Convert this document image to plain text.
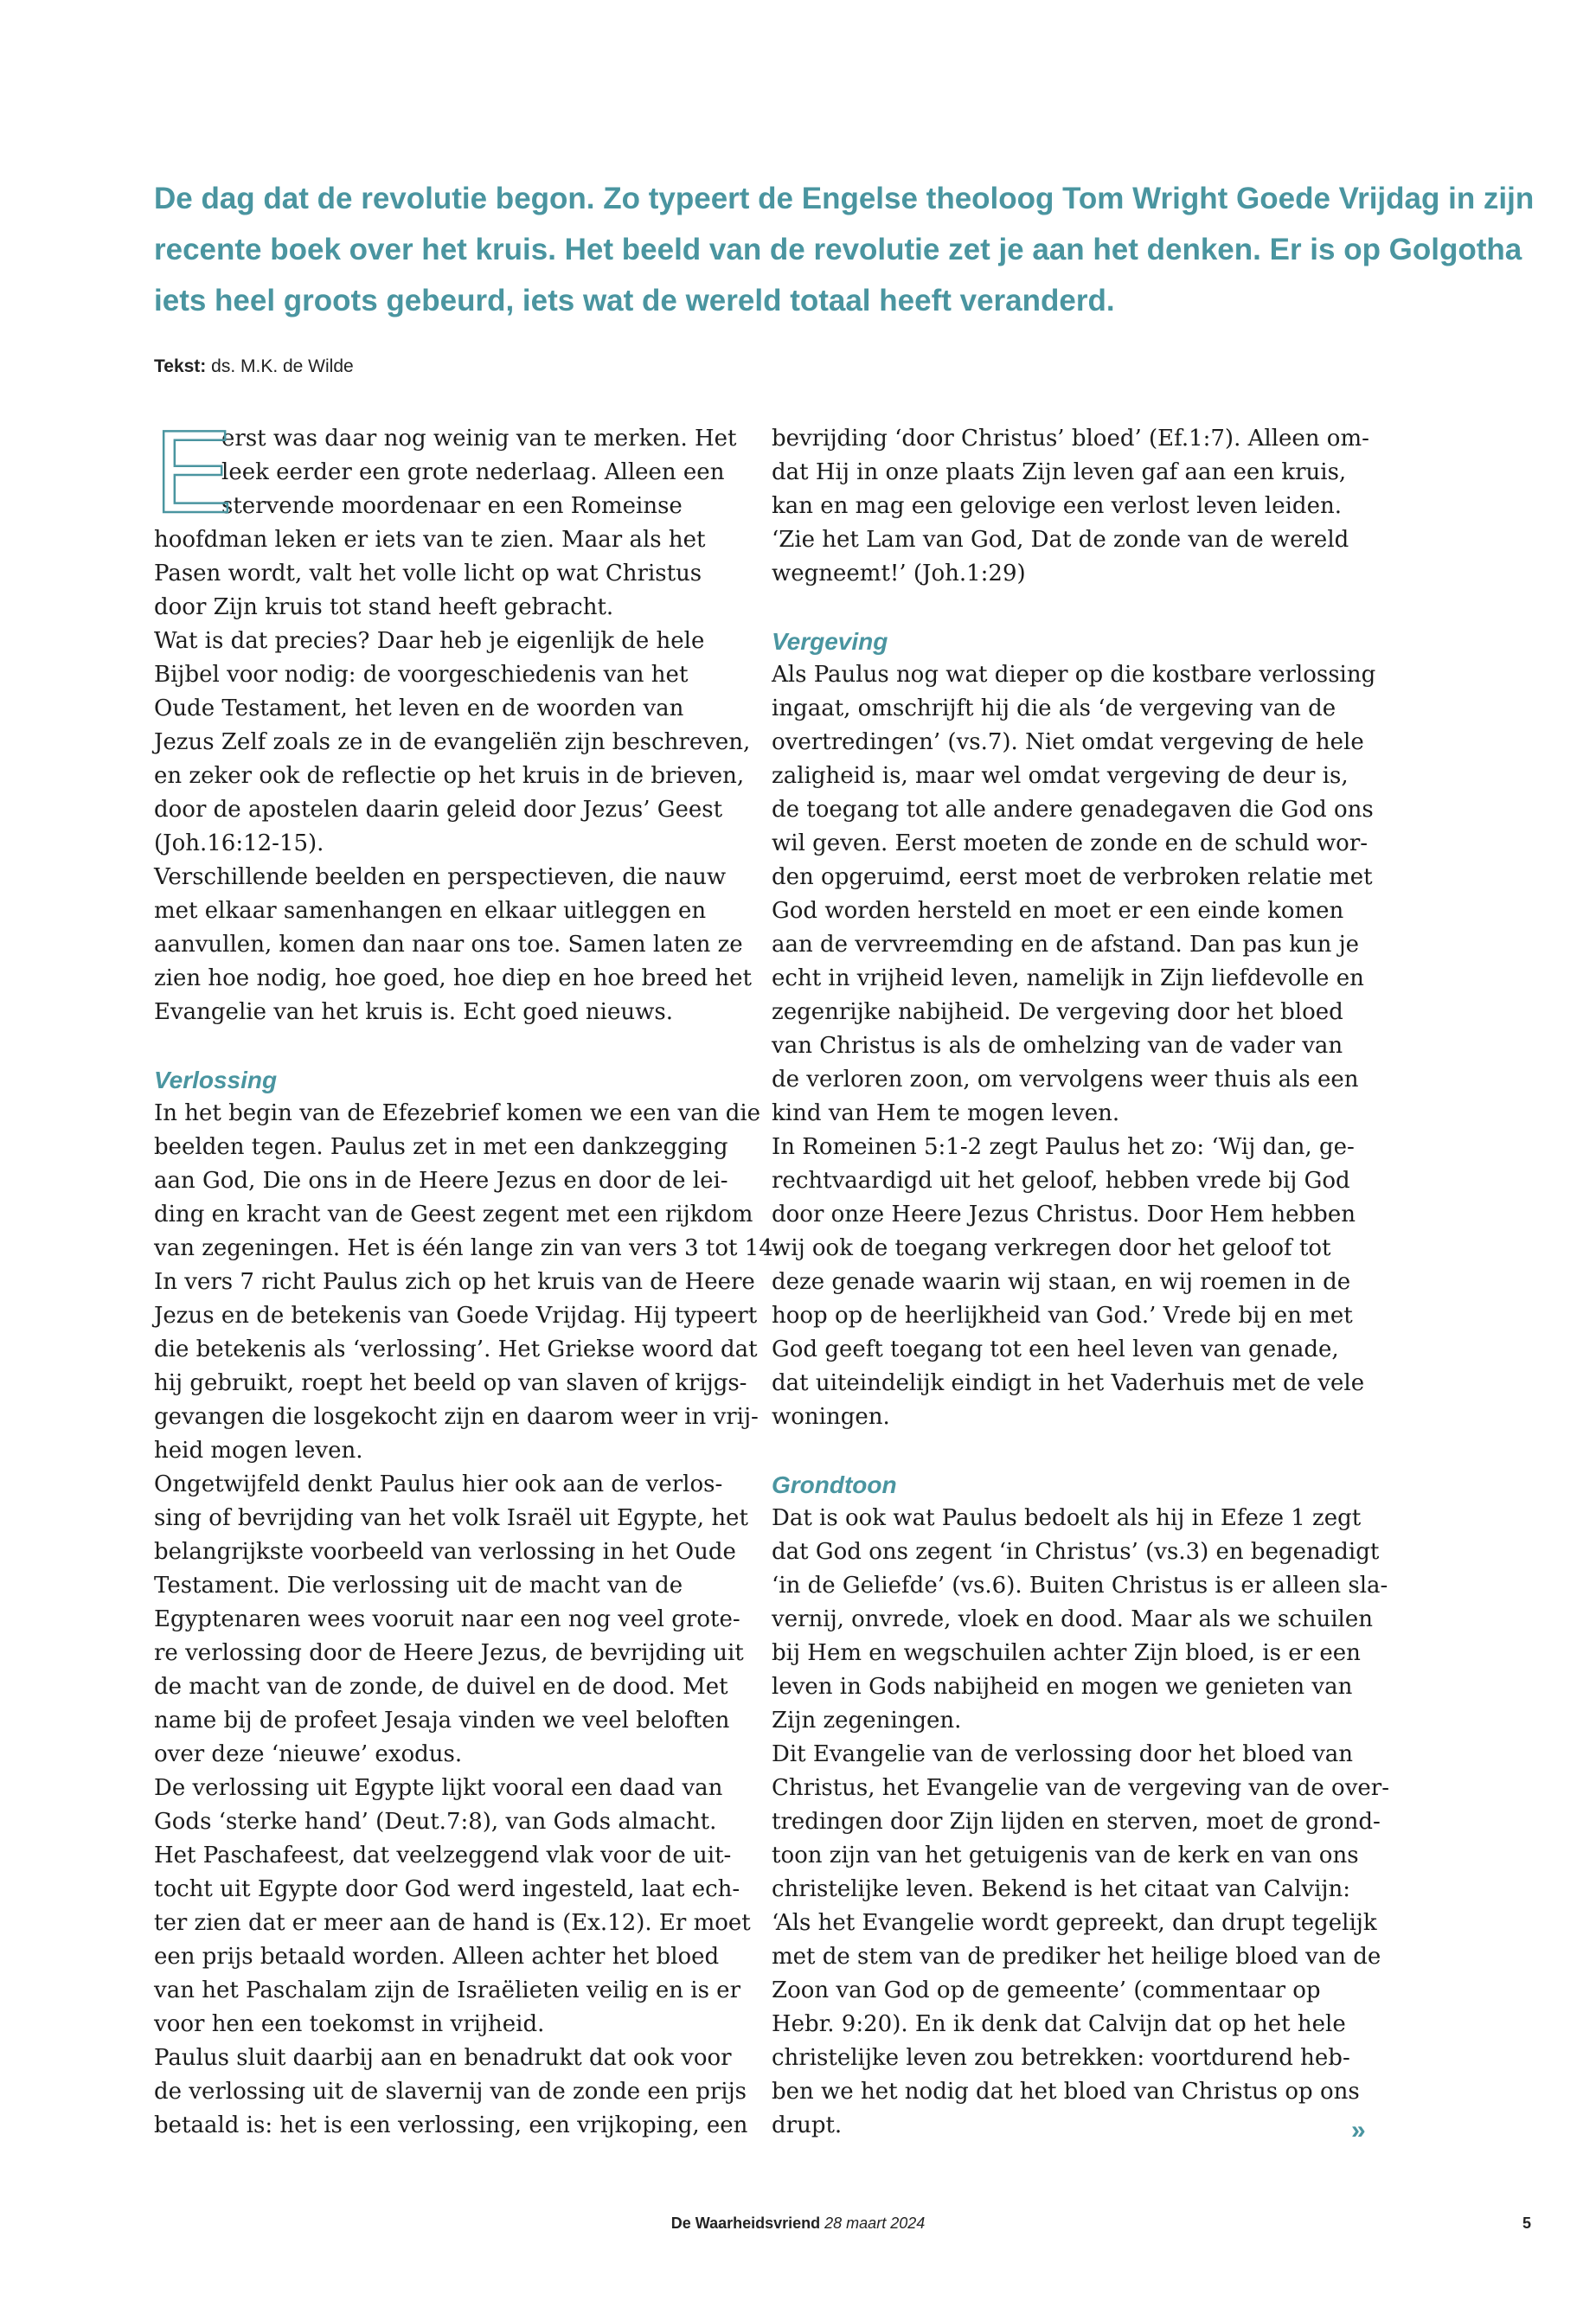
De dag dat de revolutie begon. Zo typeert de Engelse theoloog Tom Wright Goede Vrijdag in zijn
recente boek over het kruis. Het beeld van de revolutie zet je aan het denken. Er is op Golgotha
iets heel groots gebeurd, iets wat de wereld totaal heeft veranderd.
Tekst: ds. M.K. de Wilde
E
erst was daar nog weinig van te merken. Het
leek eerder een grote nederlaag. Alleen een
stervende moordenaar en een Romeinse
hoofdman leken er iets van te zien. Maar als het
Pasen wordt, valt het volle licht op wat Christus
door Zijn kruis tot stand heeft gebracht.
Wat is dat precies? Daar heb je eigenlijk de hele
Bijbel voor nodig: de voorgeschiedenis van het
Oude Testament, het leven en de woorden van
Jezus Zelf zoals ze in de evangeliën zijn beschreven,
en zeker ook de reflectie op het kruis in de brieven,
door de apostelen daarin geleid door Jezus’ Geest
(Joh.16:12-15).
Verschillende beelden en perspectieven, die nauw
met elkaar samenhangen en elkaar uitleggen en
aanvullen, komen dan naar ons toe. Samen laten ze
zien hoe nodig, hoe goed, hoe diep en hoe breed het
Evangelie van het kruis is. Echt goed nieuws.
Verlossing
In het begin van de Efezebrief komen we een van die
beelden tegen. Paulus zet in met een dankzegging
aan God, Die ons in de Heere Jezus en door de lei-
ding en kracht van de Geest zegent met een rijkdom
van zegeningen. Het is één lange zin van vers 3 tot 14.
In vers 7 richt Paulus zich op het kruis van de Heere
Jezus en de betekenis van Goede Vrijdag. Hij typeert
die betekenis als ‘verlossing’. Het Griekse woord dat
hij gebruikt, roept het beeld op van slaven of krijgs-
gevangen die losgekocht zijn en daarom weer in vrij-
heid mogen leven.
Ongetwijfeld denkt Paulus hier ook aan de verlos-
sing of bevrijding van het volk Israël uit Egypte, het
belangrijkste voorbeeld van verlossing in het Oude
Testament. Die verlossing uit de macht van de
Egyptenaren wees vooruit naar een nog veel grote-
re verlossing door de Heere Jezus, de bevrijding uit
de macht van de zonde, de duivel en de dood. Met
name bij de profeet Jesaja vinden we veel beloften
over deze ‘nieuwe’ exodus.
De verlossing uit Egypte lijkt vooral een daad van
Gods ‘sterke hand’ (Deut.7:8), van Gods almacht.
Het Paschafeest, dat veelzeggend vlak voor de uit-
tocht uit Egypte door God werd ingesteld, laat ech-
ter zien dat er meer aan de hand is (Ex.12). Er moet
een prijs betaald worden. Alleen achter het bloed
van het Paschalam zijn de Israëlieten veilig en is er
voor hen een toekomst in vrijheid.
Paulus sluit daarbij aan en benadrukt dat ook voor
de verlossing uit de slavernij van de zonde een prijs
betaald is: het is een verlossing, een vrijkoping, een
bevrijding ‘door Christus’ bloed’ (Ef.1:7). Alleen om-
dat Hij in onze plaats Zijn leven gaf aan een kruis,
kan en mag een gelovige een verlost leven leiden.
‘Zie het Lam van God, Dat de zonde van de wereld
wegneemt!’ (Joh.1:29)
Vergeving
Als Paulus nog wat dieper op die kostbare verlossing
ingaat, omschrijft hij die als ‘de vergeving van de
overtredingen’ (vs.7). Niet omdat vergeving de hele
zaligheid is, maar wel omdat vergeving de deur is,
de toegang tot alle andere genadegaven die God ons
wil geven. Eerst moeten de zonde en de schuld wor-
den opgeruimd, eerst moet de verbroken relatie met
God worden hersteld en moet er een einde komen
aan de vervreemding en de afstand. Dan pas kun je
echt in vrijheid leven, namelijk in Zijn liefdevolle en
zegenrijke nabijheid. De vergeving door het bloed
van Christus is als de omhelzing van de vader van
de verloren zoon, om vervolgens weer thuis als een
kind van Hem te mogen leven.
In Romeinen 5:1-2 zegt Paulus het zo: ‘Wij dan, ge-
rechtvaardigd uit het geloof, hebben vrede bij God
door onze Heere Jezus Christus. Door Hem hebben
wij ook de toegang verkregen door het geloof tot
deze genade waarin wij staan, en wij roemen in de
hoop op de heerlijkheid van God.’ Vrede bij en met
God geeft toegang tot een heel leven van genade,
dat uiteindelijk eindigt in het Vaderhuis met de vele
woningen.
Grondtoon
Dat is ook wat Paulus bedoelt als hij in Efeze 1 zegt
dat God ons zegent ‘in Christus’ (vs.3) en begenadigt
‘in de Geliefde’ (vs.6). Buiten Christus is er alleen sla-
vernij, onvrede, vloek en dood. Maar als we schuilen
bij Hem en wegschuilen achter Zijn bloed, is er een
leven in Gods nabijheid en mogen we genieten van
Zijn zegeningen.
Dit Evangelie van de verlossing door het bloed van
Christus, het Evangelie van de vergeving van de over-
tredingen door Zijn lijden en sterven, moet de grond-
toon zijn van het getuigenis van de kerk en van ons
christelijke leven. Bekend is het citaat van Calvijn:
‘Als het Evangelie wordt gepreekt, dan drupt tegelijk
met de stem van de prediker het heilige bloed van de
Zoon van God op de gemeente’ (commentaar op
Hebr. 9:20). En ik denk dat Calvijn dat op het hele
christelijke leven zou betrekken: voortdurend heb-
ben we het nodig dat het bloed van Christus op ons
drupt.	»
De Waarheidsvriend 28 maart 2024	5
